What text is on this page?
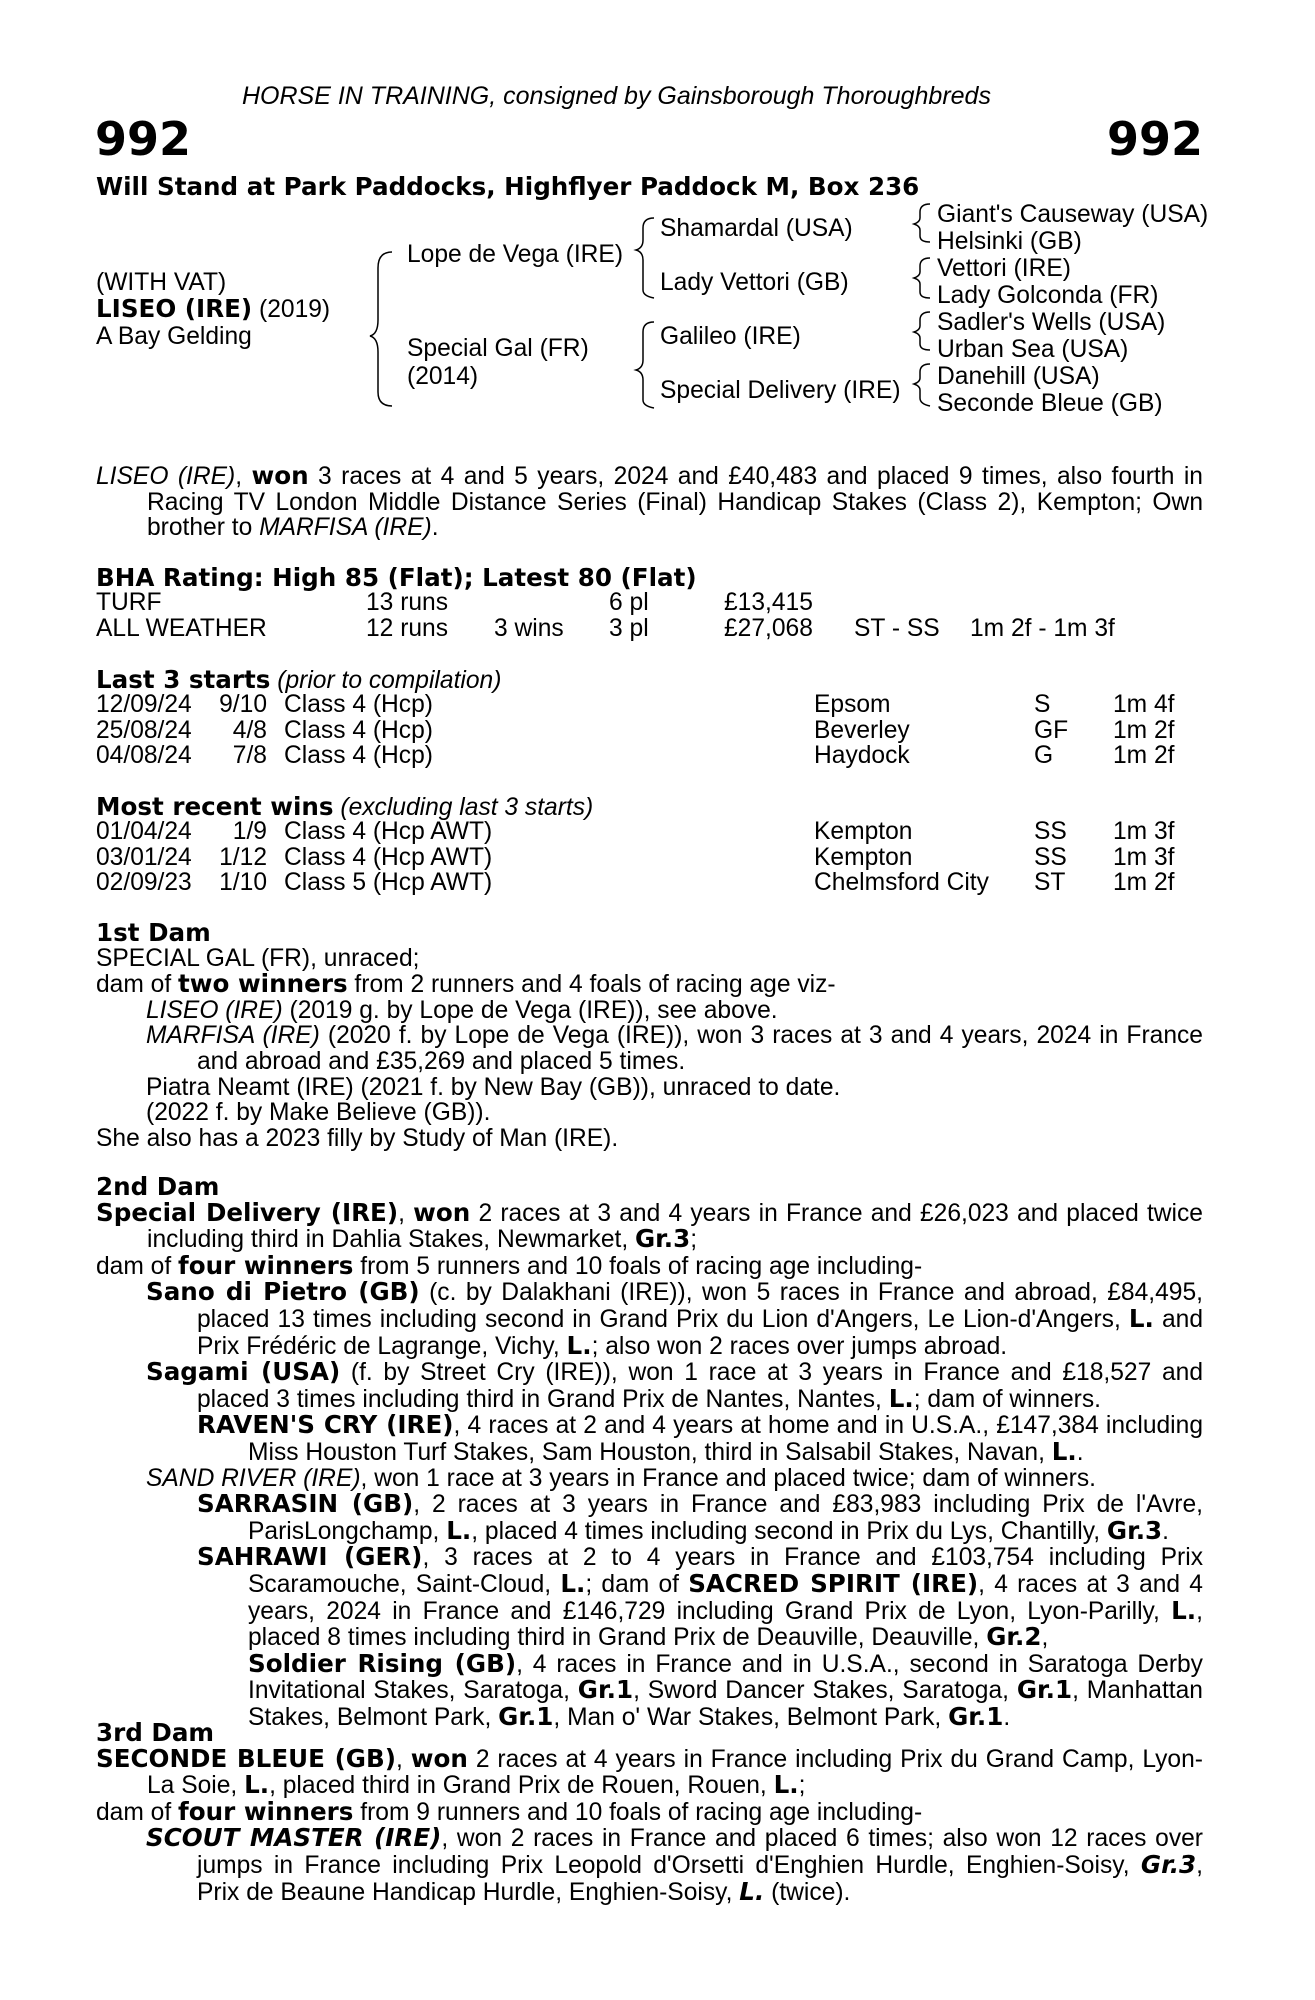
HORSE IN TRAINING, consigned by Gainsborough Thoroughbreds
992	992
Will Stand at Park Paddocks, Highflyer Paddock M, Box 236
(WITH VAT)
LISEO (IRE) (2019)
A Bay Gelding
Lope de Vega (IRE)
Special Gal (FR)
(2014)
Shamardal (USA)
Lady Vettori (GB)
Galileo (IRE)
Special Delivery (IRE)
Giant's Causeway (USA)
Helsinki (GB)
Vettori (IRE)
Lady Golconda (FR)
Sadler's Wells (USA)
Urban Sea (USA)
Danehill (USA)
Seconde Bleue (GB)

LISEO (IRE), won 3 races at 4 and 5 years, 2024 and £40,483 and placed 9 times, also fourth in Racing TV London Middle Distance Series (Final) Handicap Stakes (Class 2), Kempton; Own brother to MARFISA (IRE).

BHA Rating: High 85 (Flat); Latest 80 (Flat)
TURF	13 runs		6 pl	£13,415		
ALL WEATHER	12 runs	3 wins	3 pl	£27,068	ST - SS	1m 2f - 1m 3f
Last 3 starts (prior to compilation)
12/09/24	9/10	Class 4 (Hcp)	Epsom	S	1m 4f
25/08/24	4/8	Class 4 (Hcp)	Beverley	GF	1m 2f
04/08/24	7/8	Class 4 (Hcp)	Haydock	G	1m 2f
Most recent wins (excluding last 3 starts)
01/04/24	1/9	Class 4 (Hcp AWT)	Kempton	SS	1m 3f
03/01/24	1/12	Class 4 (Hcp AWT)	Kempton	SS	1m 3f
02/09/23	1/10	Class 5 (Hcp AWT)	Chelmsford City	ST	1m 2f
1st Dam

SPECIAL GAL (FR), unraced;

dam of two winners from 2 runners and 4 foals of racing age viz-

LISEO (IRE) (2019 g. by Lope de Vega (IRE)), see above.

MARFISA (IRE) (2020 f. by Lope de Vega (IRE)), won 3 races at 3 and 4 years, 2024 in France and abroad and £35,269 and placed 5 times.

Piatra Neamt (IRE) (2021 f. by New Bay (GB)), unraced to date.

(2022 f. by Make Believe (GB)).

She also has a 2023 filly by Study of Man (IRE).

2nd Dam

Special Delivery (IRE), won 2 races at 3 and 4 years in France and £26,023 and placed twice including third in Dahlia Stakes, Newmarket, Gr.3;

dam of four winners from 5 runners and 10 foals of racing age including-

Sano di Pietro (GB) (c. by Dalakhani (IRE)), won 5 races in France and abroad, £84,495, placed 13 times including second in Grand Prix du Lion d'Angers, Le Lion-d'Angers, L. and Prix Frédéric de Lagrange, Vichy, L.; also won 2 races over jumps abroad.

Sagami (USA) (f. by Street Cry (IRE)), won 1 race at 3 years in France and £18,527 and placed 3 times including third in Grand Prix de Nantes, Nantes, L.; dam of winners.

RAVEN'S CRY (IRE), 4 races at 2 and 4 years at home and in U.S.A., £147,384 including Miss Houston Turf Stakes, Sam Houston, third in Salsabil Stakes, Navan, L..

SAND RIVER (IRE), won 1 race at 3 years in France and placed twice; dam of winners.

SARRASIN (GB), 2 races at 3 years in France and £83,983 including Prix de l'Avre, ParisLongchamp, L., placed 4 times including second in Prix du Lys, Chantilly, Gr.3.

SAHRAWI (GER), 3 races at 2 to 4 years in France and £103,754 including Prix Scaramouche, Saint-Cloud, L.; dam of SACRED SPIRIT (IRE), 4 races at 3 and 4 years, 2024 in France and £146,729 including Grand Prix de Lyon, Lyon-Parilly, L., placed 8 times including third in Grand Prix de Deauville, Deauville, Gr.2,

Soldier Rising (GB), 4 races in France and in U.S.A., second in Saratoga Derby Invitational Stakes, Saratoga, Gr.1, Sword Dancer Stakes, Saratoga, Gr.1, Manhattan Stakes, Belmont Park, Gr.1, Man o' War Stakes, Belmont Park, Gr.1.

3rd Dam

SECONDE BLEUE (GB), won 2 races at 4 years in France including Prix du Grand Camp, Lyon-La Soie, L., placed third in Grand Prix de Rouen, Rouen, L.;

dam of four winners from 9 runners and 10 foals of racing age including-

SCOUT MASTER (IRE), won 2 races in France and placed 6 times; also won 12 races over jumps in France including Prix Leopold d'Orsetti d'Enghien Hurdle, Enghien-Soisy, Gr.3, Prix de Beaune Handicap Hurdle, Enghien-Soisy, L. (twice).
